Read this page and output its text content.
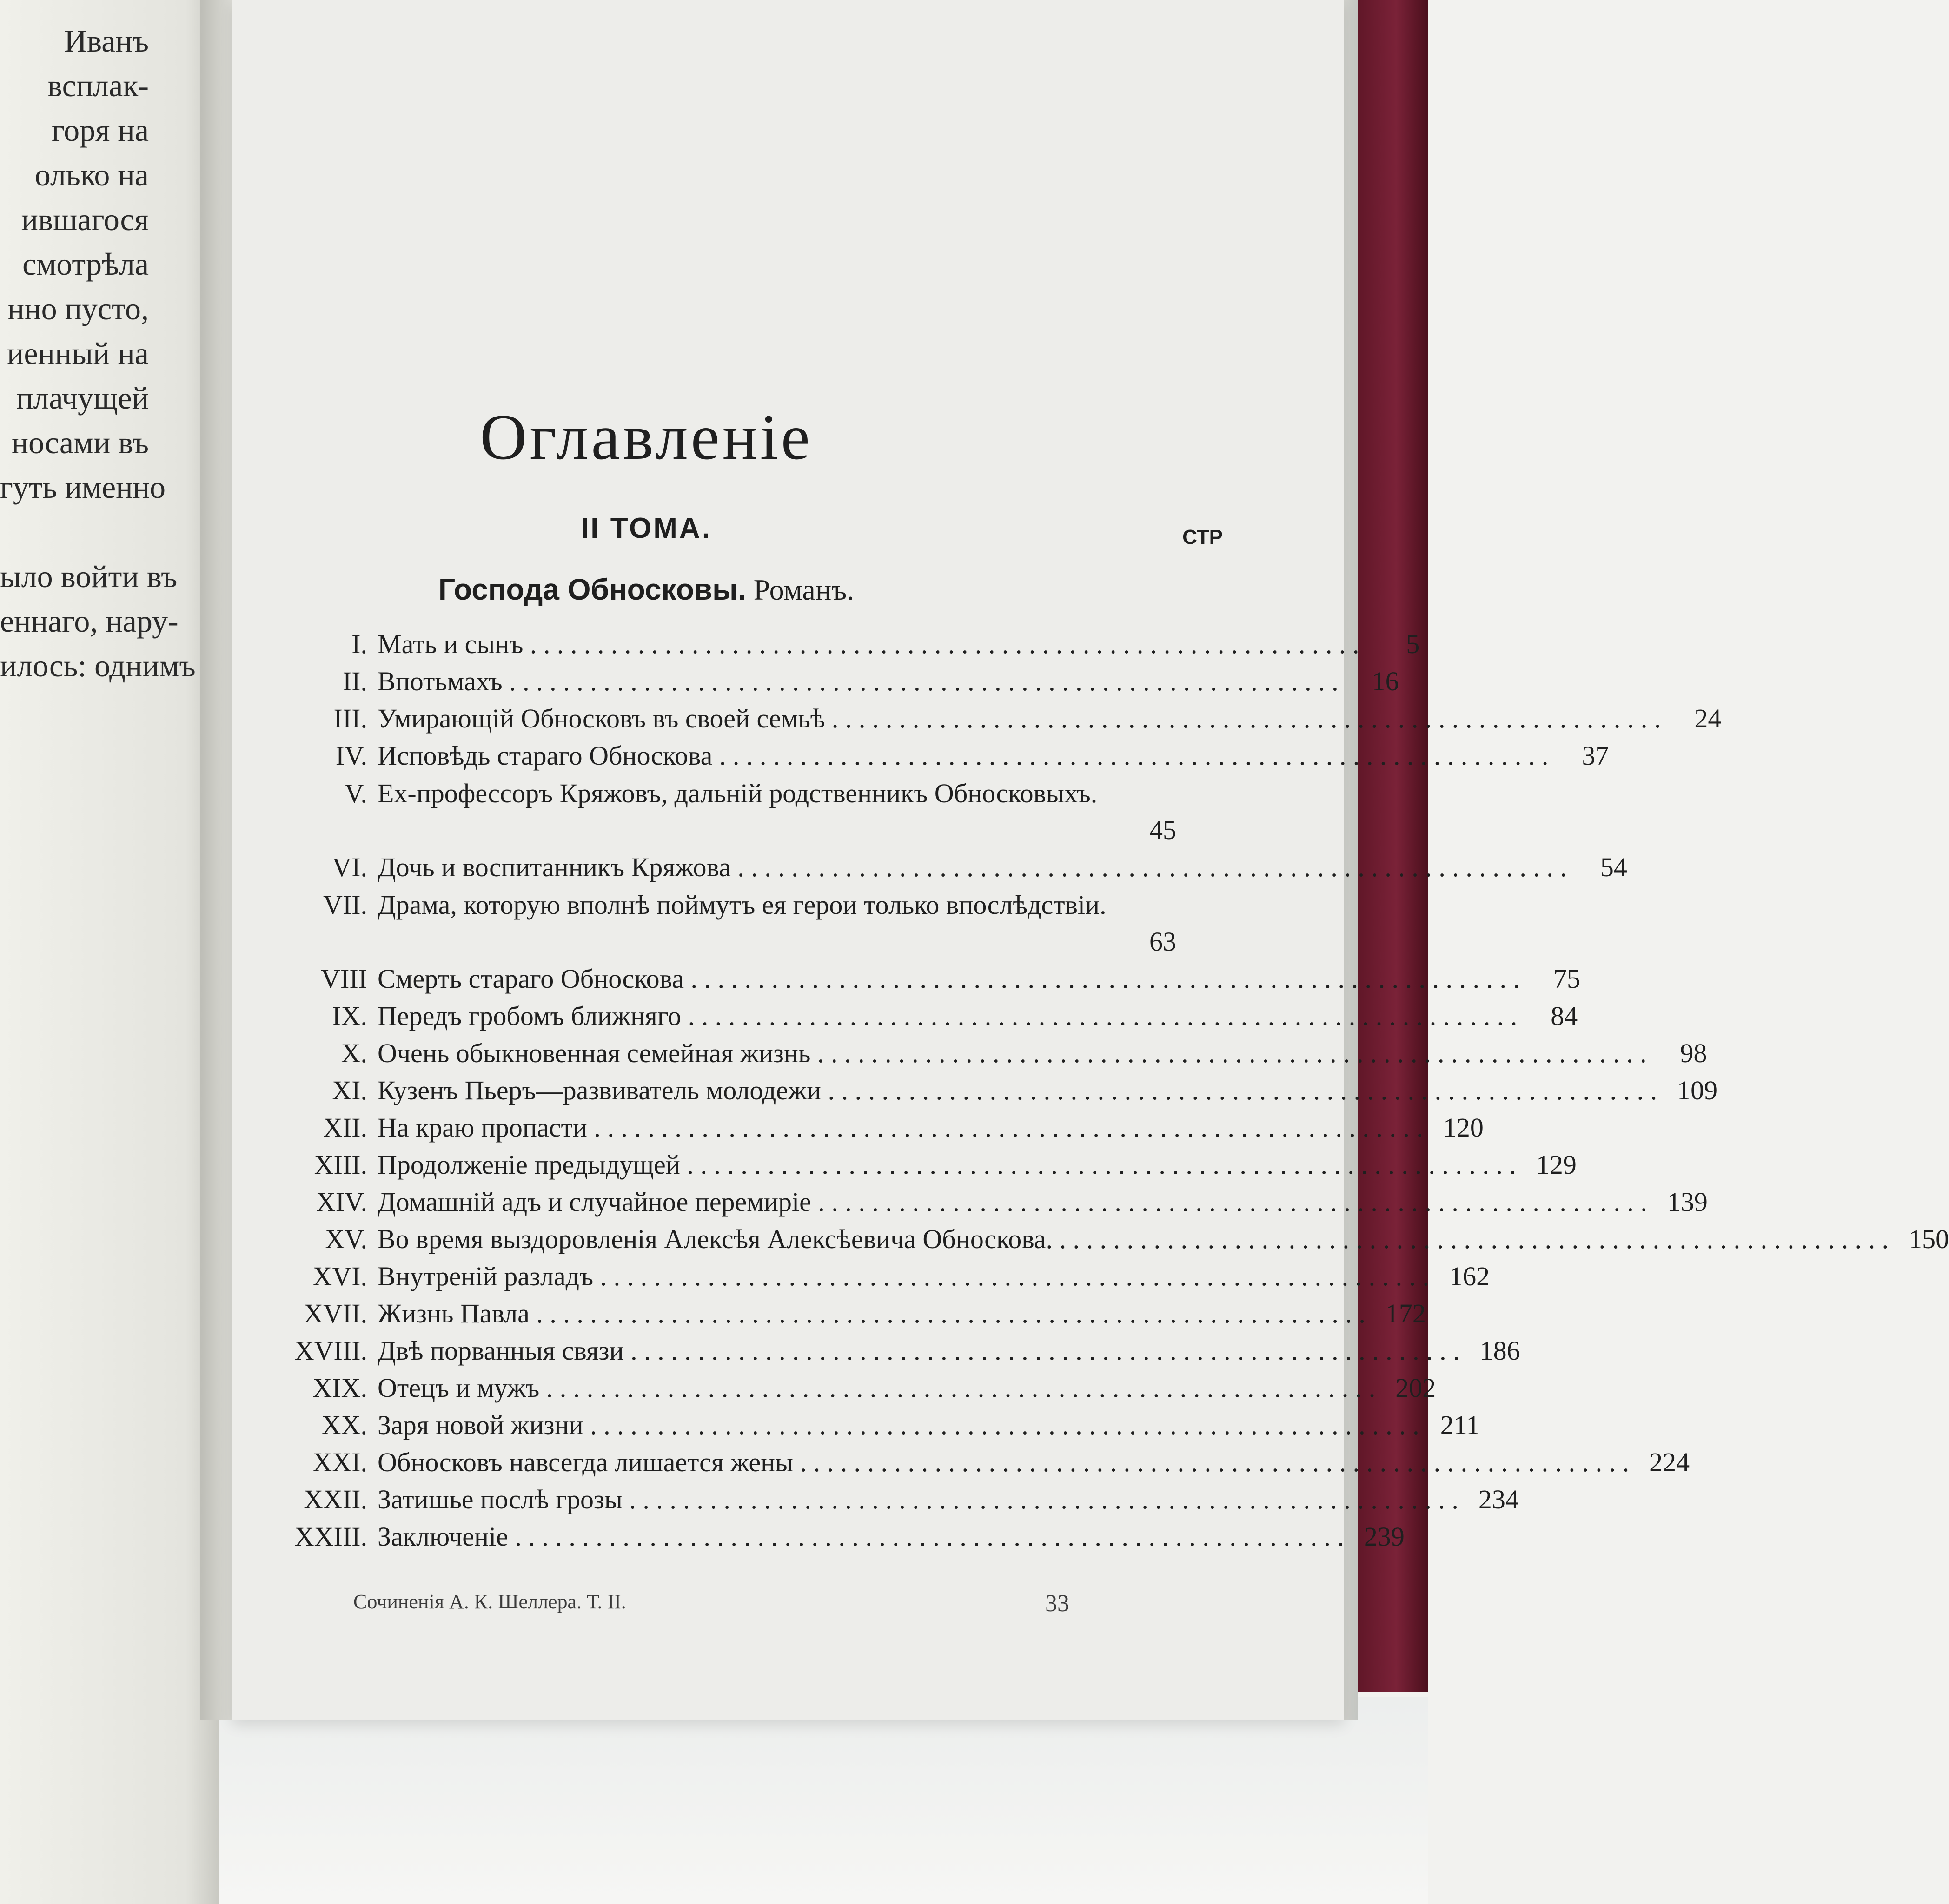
Иванъ
всплак-
горя на
олько на
ившагося
смотрѣла
нно пусто,
иенный на
плачущей
носами въ
гуть именно

ыло войти въ
еннаго, нару-
илось: однимъ
Оглавленіе
II ТОМА.	СТР
Господа Обносковы. Романъ.
I. Мать и сынъ . . .	5
II. Впотьмахъ . . .	16
III. Умирающій Обносковъ въ своей семьѣ . . .	24
IV. Исповѣдь стараго Обноскова . . .	37
V. Ех-профессоръ Кряжовъ, дальній родственникъ Обносковыхъ.
45
VI. Дочь и воспитанникъ Кряжова . . .	54
VII. Драма, которую вполнѣ поймутъ ея герои только впослѣдствіи.
63
VIII Смерть стараго Обноскова . . .	75
IX. Передъ гробомъ ближняго . . .	84
X. Очень обыкновенная семейная жизнь . . .	98
XI. Кузенъ Пьеръ—развиватель молодежи . . .	109
XII. На краю пропасти . . .	120
XIII. Продолженіе предыдущей . . .	129
XIV. Домашній адъ и случайное перемиріе . . .	139
XV. Во время выздоровленія Алексѣя Алексѣевича Обноскова. . . .	150
XVI. Внутреній разладъ . . .	162
XVII. Жизнь Павла . . .	172
XVIII. Двѣ порванныя связи . . .	186
XIX. Отецъ и мужъ . . .	202
XX. Заря новой жизни . . .	211
XXI. Обносковъ навсегда лишается жены . . .	224
XXII. Затишье послѣ грозы . . .	234
XXIII. Заключеніе . . .	239
Сочиненія А. К. Шеллера. Т. II.	33
